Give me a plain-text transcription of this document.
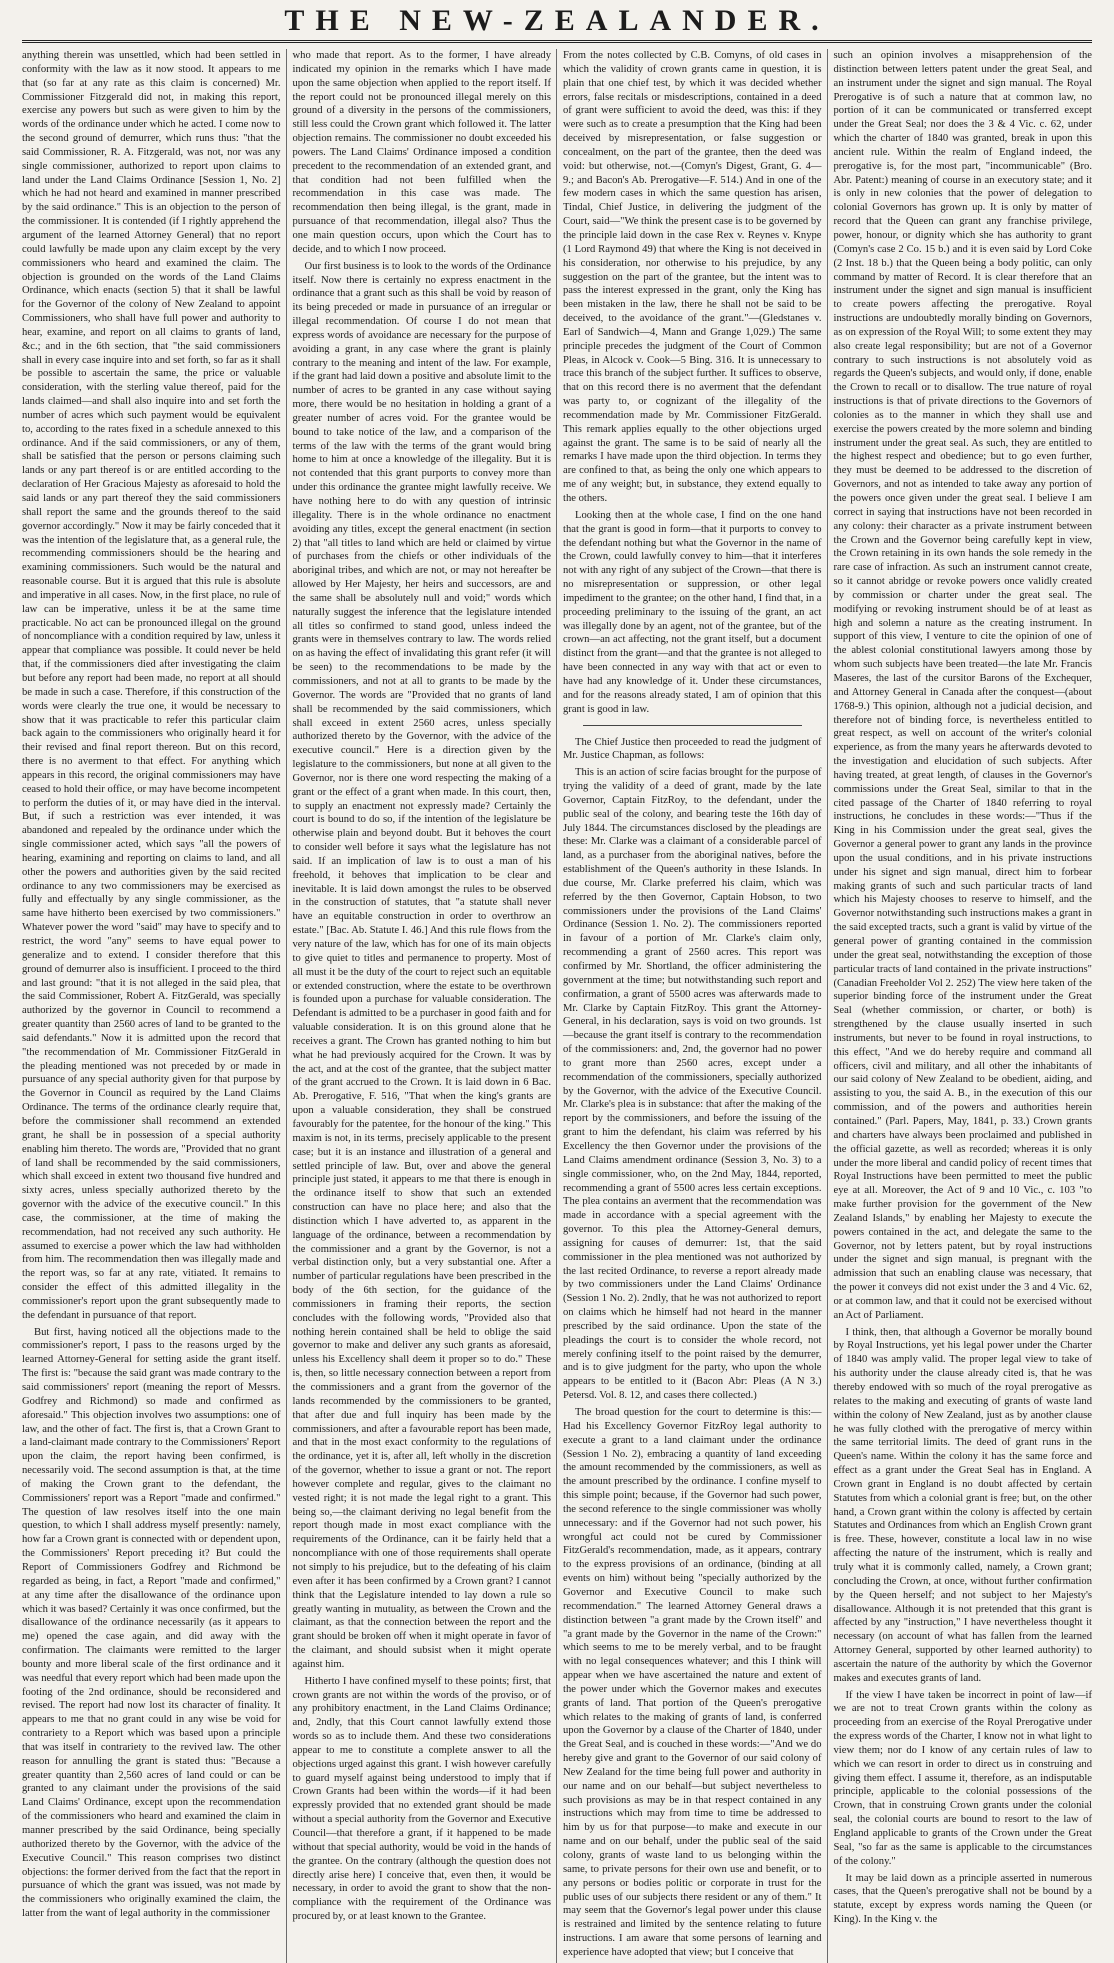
THE NEW-ZEALANDER.

anything therein was unsettled, which had been settled in conformity with the law as it now stood. It appears to me that (so far at any rate as this claim is concerned) Mr. Commissioner Fitzgerald did not, in making this report, exercise any powers but such as were given to him by the words of the ordinance under which he acted. I come now to the second ground of demurrer, which runs thus: "that the said Commissioner, R. A. Fitzgerald, was not, nor was any single commissioner, authorized to report upon claims to land under the Land Claims Ordinance [Session 1, No. 2] which he had not heard and examined in manner prescribed by the said ordinance." This is an objection to the person of the commissioner. It is contended (if I rightly apprehend the argument of the learned Attorney General) that no report could lawfully be made upon any claim except by the very commissioners who heard and examined the claim. The objection is grounded on the words of the Land Claims Ordinance, which enacts (section 5) that it shall be lawful for the Governor of the colony of New Zealand to appoint Commissioners, who shall have full power and authority to hear, examine, and report on all claims to grants of land, &c.; and in the 6th section, that "the said commissioners shall in every case inquire into and set forth, so far as it shall be possible to ascertain the same, the price or valuable consideration, with the sterling value thereof, paid for the lands claimed—and shall also inquire into and set forth the number of acres which such payment would be equivalent to, according to the rates fixed in a schedule annexed to this ordinance. And if the said commissioners, or any of them, shall be satisfied that the person or persons claiming such lands or any part thereof is or are entitled according to the declaration of Her Gracious Majesty as aforesaid to hold the said lands or any part thereof they the said commissioners shall report the same and the grounds thereof to the said governor accordingly." Now it may be fairly conceded that it was the intention of the legislature that, as a general rule, the recommending commissioners should be the hearing and examining commissioners. Such would be the natural and reasonable course. But it is argued that this rule is absolute and imperative in all cases. Now, in the first place, no rule of law can be imperative, unless it be at the same time practicable. No act can be pronounced illegal on the ground of noncompliance with a condition required by law, unless it appear that compliance was possible. It could never be held that, if the commissioners died after investigating the claim but before any report had been made, no report at all should be made in such a case. Therefore, if this construction of the words were clearly the true one, it would be necessary to show that it was practicable to refer this particular claim back again to the commissioners who originally heard it for their revised and final report thereon. But on this record, there is no averment to that effect. For anything which appears in this record, the original commissioners may have ceased to hold their office, or may have become incompetent to perform the duties of it, or may have died in the interval. But, if such a restriction was ever intended, it was abandoned and repealed by the ordinance under which the single commissioner acted, which says "all the powers of hearing, examining and reporting on claims to land, and all other the powers and authorities given by the said recited ordinance to any two commissioners may be exercised as fully and effectually by any single commissioner, as the same have hitherto been exercised by two commissioners." Whatever power the word "said" may have to specify and to restrict, the word "any" seems to have equal power to generalize and to extend. I consider therefore that this ground of demurrer also is insufficient. I proceed to the third and last ground: "that it is not alleged in the said plea, that the said Commissioner, Robert A. FitzGerald, was specially authorized by the governor in Council to recommend a greater quantity than 2560 acres of land to be granted to the said defendants." Now it is admitted upon the record that "the recommendation of Mr. Commissioner FitzGerald in the pleading mentioned was not preceded by or made in pursuance of any special authority given for that purpose by the Governor in Council as required by the Land Claims Ordinance. The terms of the ordinance clearly require that, before the commissioner shall recommend an extended grant, he shall be in possession of a special authority enabling him thereto. The words are, "Provided that no grant of land shall be recommended by the said commissioners, which shall exceed in extent two thousand five hundred and sixty acres, unless specially authorized thereto by the governor with the advice of the executive council." In this case, the commissioner, at the time of making the recommendation, had not received any such authority. He assumed to exercise a power which the law had withholden from him. The recommendation then was illegally made and the report was, so far at any rate, vitiated. It remains to consider the effect of this admitted illegality in the commissioner's report upon the grant subsequently made to the defendant in pursuance of that report.

But first, having noticed all the objections made to the commissioner's report, I pass to the reasons urged by the learned Attorney-General for setting aside the grant itself. The first is: "because the said grant was made contrary to the said commissioners' report (meaning the report of Messrs. Godfrey and Richmond) so made and confirmed as aforesaid." This objection involves two assumptions: one of law, and the other of fact. The first is, that a Crown Grant to a land-claimant made contrary to the Commissioners' Report upon the claim, the report having been confirmed, is necessarily void. The second assumption is that, at the time of making the Crown grant to the defendant, the Commissioners' report was a Report "made and confirmed." The question of law resolves itself into the one main question, to which I shall address myself presently: namely, how far a Crown grant is connected with or dependent upon, the Commissioners' Report preceding it? But could the Report of Commissioners Godfrey and Richmond be regarded as being, in fact, a Report "made and confirmed," at any time after the disallowance of the ordinance upon which it was based? Certainly it was once confirmed, but the disallowance of the ordinance necessarily (as it appears to me) opened the case again, and did away with the confirmation. The claimants were remitted to the larger bounty and more liberal scale of the first ordinance and it was needful that every report which had been made upon the footing of the 2nd ordinance, should be reconsidered and revised. The report had now lost its character of finality. It appears to me that no grant could in any wise be void for contrariety to a Report which was based upon a principle that was itself in contrariety to the revived law. The other reason for annulling the grant is stated thus: "Because a greater quantity than 2,560 acres of land could or can be granted to any claimant under the provisions of the said Land Claims' Ordinance, except upon the recommendation of the commissioners who heard and examined the claim in manner prescribed by the said Ordinance, being specially authorized thereto by the Governor, with the advice of the Executive Council." This reason comprises two distinct objections: the former derived from the fact that the report in pursuance of which the grant was issued, was not made by the commissioners who originally examined the claim, the latter from the want of legal authority in the commissioner

who made that report. As to the former, I have already indicated my opinion in the remarks which I have made upon the same objection when applied to the report itself. If the report could not be pronounced illegal merely on this ground of a diversity in the persons of the commissioners, still less could the Crown grant which followed it. The latter objection remains. The commissioner no doubt exceeded his powers. The Land Claims' Ordinance imposed a condition precedent to the recommendation of an extended grant, and that condition had not been fulfilled when the recommendation in this case was made. The recommendation then being illegal, is the grant, made in pursuance of that recommendation, illegal also? Thus the one main question occurs, upon which the Court has to decide, and to which I now proceed.

Our first business is to look to the words of the Ordinance itself. Now there is certainly no express enactment in the ordinance that a grant such as this shall be void by reason of its being preceded or made in pursuance of an irregular or illegal recommendation. Of course I do not mean that express words of avoidance are necessary for the purpose of avoiding a grant, in any case where the grant is plainly contrary to the meaning and intent of the law. For example, if the grant had laid down a positive and absolute limit to the number of acres to be granted in any case without saying more, there would be no hesitation in holding a grant of a greater number of acres void. For the grantee would be bound to take notice of the law, and a comparison of the terms of the law with the terms of the grant would bring home to him at once a knowledge of the illegality. But it is not contended that this grant purports to convey more than under this ordinance the grantee might lawfully receive. We have nothing here to do with any question of intrinsic illegality. There is in the whole ordinance no enactment avoiding any titles, except the general enactment (in section 2) that "all titles to land which are held or claimed by virtue of purchases from the chiefs or other individuals of the aboriginal tribes, and which are not, or may not hereafter be allowed by Her Majesty, her heirs and successors, are and the same shall be absolutely null and void;" words which naturally suggest the inference that the legislature intended all titles so confirmed to stand good, unless indeed the grants were in themselves contrary to law. The words relied on as having the effect of invalidating this grant refer (it will be seen) to the recommendations to be made by the commissioners, and not at all to grants to be made by the Governor. The words are "Provided that no grants of land shall be recommended by the said commissioners, which shall exceed in extent 2560 acres, unless specially authorized thereto by the Governor, with the advice of the executive council." Here is a direction given by the legislature to the commissioners, but none at all given to the Governor, nor is there one word respecting the making of a grant or the effect of a grant when made. In this court, then, to supply an enactment not expressly made? Certainly the court is bound to do so, if the intention of the legislature be otherwise plain and beyond doubt. But it behoves the court to consider well before it says what the legislature has not said. If an implication of law is to oust a man of his freehold, it behoves that implication to be clear and inevitable. It is laid down amongst the rules to be observed in the construction of statutes, that "a statute shall never have an equitable construction in order to overthrow an estate." [Bac. Ab. Statute I. 46.] And this rule flows from the very nature of the law, which has for one of its main objects to give quiet to titles and permanence to property. Most of all must it be the duty of the court to reject such an equitable or extended construction, where the estate to be overthrown is founded upon a purchase for valuable consideration. The Defendant is admitted to be a purchaser in good faith and for valuable consideration. It is on this ground alone that he receives a grant. The Crown has granted nothing to him but what he had previously acquired for the Crown. It was by the act, and at the cost of the grantee, that the subject matter of the grant accrued to the Crown. It is laid down in 6 Bac. Ab. Prerogative, F. 516, "That when the king's grants are upon a valuable consideration, they shall be construed favourably for the patentee, for the honour of the king." This maxim is not, in its terms, precisely applicable to the present case; but it is an instance and illustration of a general and settled principle of law. But, over and above the general principle just stated, it appears to me that there is enough in the ordinance itself to show that such an extended construction can have no place here; and also that the distinction which I have adverted to, as apparent in the language of the ordinance, between a recommendation by the commissioner and a grant by the Governor, is not a verbal distinction only, but a very substantial one. After a number of particular regulations have been prescribed in the body of the 6th section, for the guidance of the commissioners in framing their reports, the section concludes with the following words, "Provided also that nothing herein contained shall be held to oblige the said governor to make and deliver any such grants as aforesaid, unless his Excellency shall deem it proper so to do." These is, then, so little necessary connection between a report from the commissioners and a grant from the governor of the lands recommended by the commissioners to be granted, that after due and full inquiry has been made by the commissioners, and after a favourable report has been made, and that in the most exact conformity to the regulations of the ordinance, yet it is, after all, left wholly in the discretion of the governor, whether to issue a grant or not. The report however complete and regular, gives to the claimant no vested right; it is not made the legal right to a grant. This being so,—the claimant deriving no legal benefit from the report though made in most exact compliance with the requirements of the Ordinance, can it be fairly held that a noncompliance with one of those requirements shall operate not simply to his prejudice, but to the defeating of his claim even after it has been confirmed by a Crown grant? I cannot think that the Legislature intended to lay down a rule so greatly wanting in mutuality, as between the Crown and the claimant, as that the connection between the report and the grant should be broken off when it might operate in favor of the claimant, and should subsist when it might operate against him.

Hitherto I have confined myself to these points; first, that crown grants are not within the words of the proviso, or of any prohibitory enactment, in the Land Claims Ordinance; and, 2ndly, that this Court cannot lawfully extend those words so as to include them. And these two considerations appear to me to constitute a complete answer to all the objections urged against this grant. I wish however carefully to guard myself against being understood to imply that if Crown Grants had been within the words—if it had been expressly provided that no extended grant should be made without a special authority from the Governor and Executive Council—that therefore a grant, if it happened to be made without that special authority, would be void in the hands of the grantee. On the contrary (although the question does not directly arise here) I conceive that, even then, it would be necessary, in order to avoid the grant to show that the non-compliance with the requirement of the Ordinance was procured by, or at least known to the Grantee.

From the notes collected by C.B. Comyns, of old cases in which the validity of crown grants came in question, it is plain that one chief test, by which it was decided whether errors, false recitals or misdescriptions, contained in a deed of grant were sufficient to avoid the deed, was this: if they were such as to create a presumption that the King had been deceived by misrepresentation, or false suggestion or concealment, on the part of the grantee, then the deed was void: but otherwise, not.—(Comyn's Digest, Grant, G. 4—9.; and Bacon's Ab. Prerogative—F. 514.) And in one of the few modern cases in which the same question has arisen, Tindal, Chief Justice, in delivering the judgment of the Court, said—"We think the present case is to be governed by the principle laid down in the case Rex v. Reynes v. Knype (1 Lord Raymond 49) that where the King is not deceived in his consideration, nor otherwise to his prejudice, by any suggestion on the part of the grantee, but the intent was to pass the interest expressed in the grant, only the King has been mistaken in the law, there he shall not be said to be deceived, to the avoidance of the grant."—(Gledstanes v. Earl of Sandwich—4, Mann and Grange 1,029.) The same principle precedes the judgment of the Court of Common Pleas, in Alcock v. Cook—5 Bing. 316. It is unnecessary to trace this branch of the subject further. It suffices to observe, that on this record there is no averment that the defendant was party to, or cognizant of the illegality of the recommendation made by Mr. Commissioner FitzGerald. This remark applies equally to the other objections urged against the grant. The same is to be said of nearly all the remarks I have made upon the third objection. In terms they are confined to that, as being the only one which appears to me of any weight; but, in substance, they extend equally to the others.

Looking then at the whole case, I find on the one hand that the grant is good in form—that it purports to convey to the defendant nothing but what the Governor in the name of the Crown, could lawfully convey to him—that it interferes not with any right of any subject of the Crown—that there is no misrepresentation or suppression, or other legal impediment to the grantee; on the other hand, I find that, in a proceeding preliminary to the issuing of the grant, an act was illegally done by an agent, not of the grantee, but of the crown—an act affecting, not the grant itself, but a document distinct from the grant—and that the grantee is not alleged to have been connected in any way with that act or even to have had any knowledge of it. Under these circumstances, and for the reasons already stated, I am of opinion that this grant is good in law.

The Chief Justice then proceeded to read the judgment of Mr. Justice Chapman, as follows:

This is an action of scire facias brought for the purpose of trying the validity of a deed of grant, made by the late Governor, Captain FitzRoy, to the defendant, under the public seal of the colony, and bearing teste the 16th day of July 1844. The circumstances disclosed by the pleadings are these: Mr. Clarke was a claimant of a considerable parcel of land, as a purchaser from the aboriginal natives, before the establishment of the Queen's authority in these Islands. In due course, Mr. Clarke preferred his claim, which was referred by the then Governor, Captain Hobson, to two commissioners under the provisions of the Land Claims' Ordinance (Session 1. No. 2). The commissioners reported in favour of a portion of Mr. Clarke's claim only, recommending a grant of 2560 acres. This report was confirmed by Mr. Shortland, the officer administering the government at the time; but notwithstanding such report and confirmation, a grant of 5500 acres was afterwards made to Mr. Clarke by Captain FitzRoy. This grant the Attorney-General, in his declaration, says is void on two grounds. 1st—because the grant itself is contrary to the recommendation of the commissioners: and, 2nd, the governor had no power to grant more than 2560 acres, except under a recommendation of the commissioners, specially authorized by the Governor, with the advice of the Executive Council. Mr. Clarke's plea is in substance: that after the making of the report by the commissioners, and before the issuing of the grant to him the defendant, his claim was referred by his Excellency the then Governor under the provisions of the Land Claims amendment ordinance (Session 3, No. 3) to a single commissioner, who, on the 2nd May, 1844, reported, recommending a grant of 5500 acres less certain exceptions. The plea contains an averment that the recommendation was made in accordance with a special agreement with the governor. To this plea the Attorney-General demurs, assigning for causes of demurrer: 1st, that the said commissioner in the plea mentioned was not authorized by the last recited Ordinance, to reverse a report already made by two commissioners under the Land Claims' Ordinance (Session 1 No. 2). 2ndly, that he was not authorized to report on claims which he himself had not heard in the manner prescribed by the said ordinance. Upon the state of the pleadings the court is to consider the whole record, not merely confining itself to the point raised by the demurrer, and is to give judgment for the party, who upon the whole appears to be entitled to it (Bacon Abr: Pleas (A N 3.) Petersd. Vol. 8. 12, and cases there collected.)

The broad question for the court to determine is this:—Had his Excellency Governor FitzRoy legal authority to execute a grant to a land claimant under the ordinance (Session 1 No. 2), embracing a quantity of land exceeding the amount recommended by the commissioners, as well as the amount prescribed by the ordinance. I confine myself to this simple point; because, if the Governor had such power, the second reference to the single commissioner was wholly unnecessary: and if the Governor had not such power, his wrongful act could not be cured by Commissioner FitzGerald's recommendation, made, as it appears, contrary to the express provisions of an ordinance, (binding at all events on him) without being "specially authorized by the Governor and Executive Council to make such recommendation." The learned Attorney General draws a distinction between "a grant made by the Crown itself" and "a grant made by the Governor in the name of the Crown:" which seems to me to be merely verbal, and to be fraught with no legal consequences whatever; and this I think will appear when we have ascertained the nature and extent of the power under which the Governor makes and executes grants of land. That portion of the Queen's prerogative which relates to the making of grants of land, is conferred upon the Governor by a clause of the Charter of 1840, under the Great Seal, and is couched in these words:—"And we do hereby give and grant to the Governor of our said colony of New Zealand for the time being full power and authority in our name and on our behalf—but subject nevertheless to such provisions as may be in that respect contained in any instructions which may from time to time be addressed to him by us for that purpose—to make and execute in our name and on our behalf, under the public seal of the said colony, grants of waste land to us belonging within the same, to private persons for their own use and benefit, or to any persons or bodies politic or corporate in trust for the public uses of our subjects there resident or any of them." It may seem that the Governor's legal power under this clause is restrained and limited by the sentence relating to future instructions. I am aware that some persons of learning and experience have adopted that view; but I conceive that

such an opinion involves a misapprehension of the distinction between letters patent under the great Seal, and an instrument under the signet and sign manual. The Royal Prerogative is of such a nature that at common law, no portion of it can be communicated or transferred except under the Great Seal; nor does the 3 & 4 Vic. c. 62, under which the charter of 1840 was granted, break in upon this ancient rule. Within the realm of England indeed, the prerogative is, for the most part, "incommunicable" (Bro. Abr. Patent:) meaning of course in an executory state; and it is only in new colonies that the power of delegation to colonial Governors has grown up. It is only by matter of record that the Queen can grant any franchise privilege, power, honour, or dignity which she has authority to grant (Comyn's case 2 Co. 15 b.) and it is even said by Lord Coke (2 Inst. 18 b.) that the Queen being a body politic, can only command by matter of Record. It is clear therefore that an instrument under the signet and sign manual is insufficient to create powers affecting the prerogative. Royal instructions are undoubtedly morally binding on Governors, as on expression of the Royal Will; to some extent they may also create legal responsibility; but are not of a Governor contrary to such instructions is not absolutely void as regards the Queen's subjects, and would only, if done, enable the Crown to recall or to disallow. The true nature of royal instructions is that of private directions to the Governors of colonies as to the manner in which they shall use and exercise the powers created by the more solemn and binding instrument under the great seal. As such, they are entitled to the highest respect and obedience; but to go even further, they must be deemed to be addressed to the discretion of Governors, and not as intended to take away any portion of the powers once given under the great seal. I believe I am correct in saying that instructions have not been recorded in any colony: their character as a private instrument between the Crown and the Governor being carefully kept in view, the Crown retaining in its own hands the sole remedy in the rare case of infraction. As such an instrument cannot create, so it cannot abridge or revoke powers once validly created by commission or charter under the great seal. The modifying or revoking instrument should be of at least as high and solemn a nature as the creating instrument. In support of this view, I venture to cite the opinion of one of the ablest colonial constitutional lawyers among those by whom such subjects have been treated—the late Mr. Francis Maseres, the last of the cursitor Barons of the Exchequer, and Attorney General in Canada after the conquest—(about 1768-9.) This opinion, although not a judicial decision, and therefore not of binding force, is nevertheless entitled to great respect, as well on account of the writer's colonial experience, as from the many years he afterwards devoted to the investigation and elucidation of such subjects. After having treated, at great length, of clauses in the Governor's commissions under the Great Seal, similar to that in the cited passage of the Charter of 1840 referring to royal instructions, he concludes in these words:—"Thus if the King in his Commission under the great seal, gives the Governor a general power to grant any lands in the province upon the usual conditions, and in his private instructions under his signet and sign manual, direct him to forbear making grants of such and such particular tracts of land which his Majesty chooses to reserve to himself, and the Governor notwithstanding such instructions makes a grant in the said excepted tracts, such a grant is valid by virtue of the general power of granting contained in the commission under the great seal, notwithstanding the exception of those particular tracts of land contained in the private instructions" (Canadian Freeholder Vol 2. 252) The view here taken of the superior binding force of the instrument under the Great Seal (whether commission, or charter, or both) is strengthened by the clause usually inserted in such instruments, but never to be found in royal instructions, to this effect, "And we do hereby require and command all officers, civil and military, and all other the inhabitants of our said colony of New Zealand to be obedient, aiding, and assisting to you, the said A. B., in the execution of this our commission, and of the powers and authorities herein contained." (Parl. Papers, May, 1841, p. 33.) Crown grants and charters have always been proclaimed and published in the official gazette, as well as recorded; whereas it is only under the more liberal and candid policy of recent times that Royal Instructions have been permitted to meet the public eye at all. Moreover, the Act of 9 and 10 Vic., c. 103 "to make further provision for the government of the New Zealand Islands," by enabling her Majesty to execute the powers contained in the act, and delegate the same to the Governor, not by letters patent, but by royal instructions under the signet and sign manual, is pregnant with the admission that such an enabling clause was necessary, that the power it conveys did not exist under the 3 and 4 Vic. 62, or at common law, and that it could not be exercised without an Act of Parliament.

I think, then, that although a Governor be morally bound by Royal Instructions, yet his legal power under the Charter of 1840 was amply valid. The proper legal view to take of his authority under the clause already cited is, that he was thereby endowed with so much of the royal prerogative as relates to the making and executing of grants of waste land within the colony of New Zealand, just as by another clause he was fully clothed with the prerogative of mercy within the same territorial limits. The deed of grant runs in the Queen's name. Within the colony it has the same force and effect as a grant under the Great Seal has in England. A Crown grant in England is no doubt affected by certain Statutes from which a colonial grant is free; but, on the other hand, a Crown grant within the colony is affected by certain Statutes and Ordinances from which an English Crown grant is free. These, however, constitute a local law in no wise affecting the nature of the instrument, which is really and truly what it is commonly called, namely, a Crown grant; concluding the Crown, at once, without further confirmation by the Queen herself; and not subject to her Majesty's disallowance. Although it is not pretended that this grant is affected by any "instruction," I have nevertheless thought it necessary (on account of what has fallen from the learned Attorney General, supported by other learned authority) to ascertain the nature of the authority by which the Governor makes and executes grants of land.

If the view I have taken be incorrect in point of law—if we are not to treat Crown grants within the colony as proceeding from an exercise of the Royal Prerogative under the express words of the Charter, I know not in what light to view them; nor do I know of any certain rules of law to which we can resort in order to direct us in construing and giving them effect. I assume it, therefore, as an indisputable principle, applicable to the colonial possessions of the Crown, that in construing Crown grants under the colonial seal, the colonial courts are bound to resort to the law of England applicable to grants of the Crown under the Great Seal, "so far as the same is applicable to the circumstances of the colony."

It may be laid down as a principle asserted in numerous cases, that the Queen's prerogative shall not be bound by a statute, except by express words naming the Queen (or King). In the King v. the
